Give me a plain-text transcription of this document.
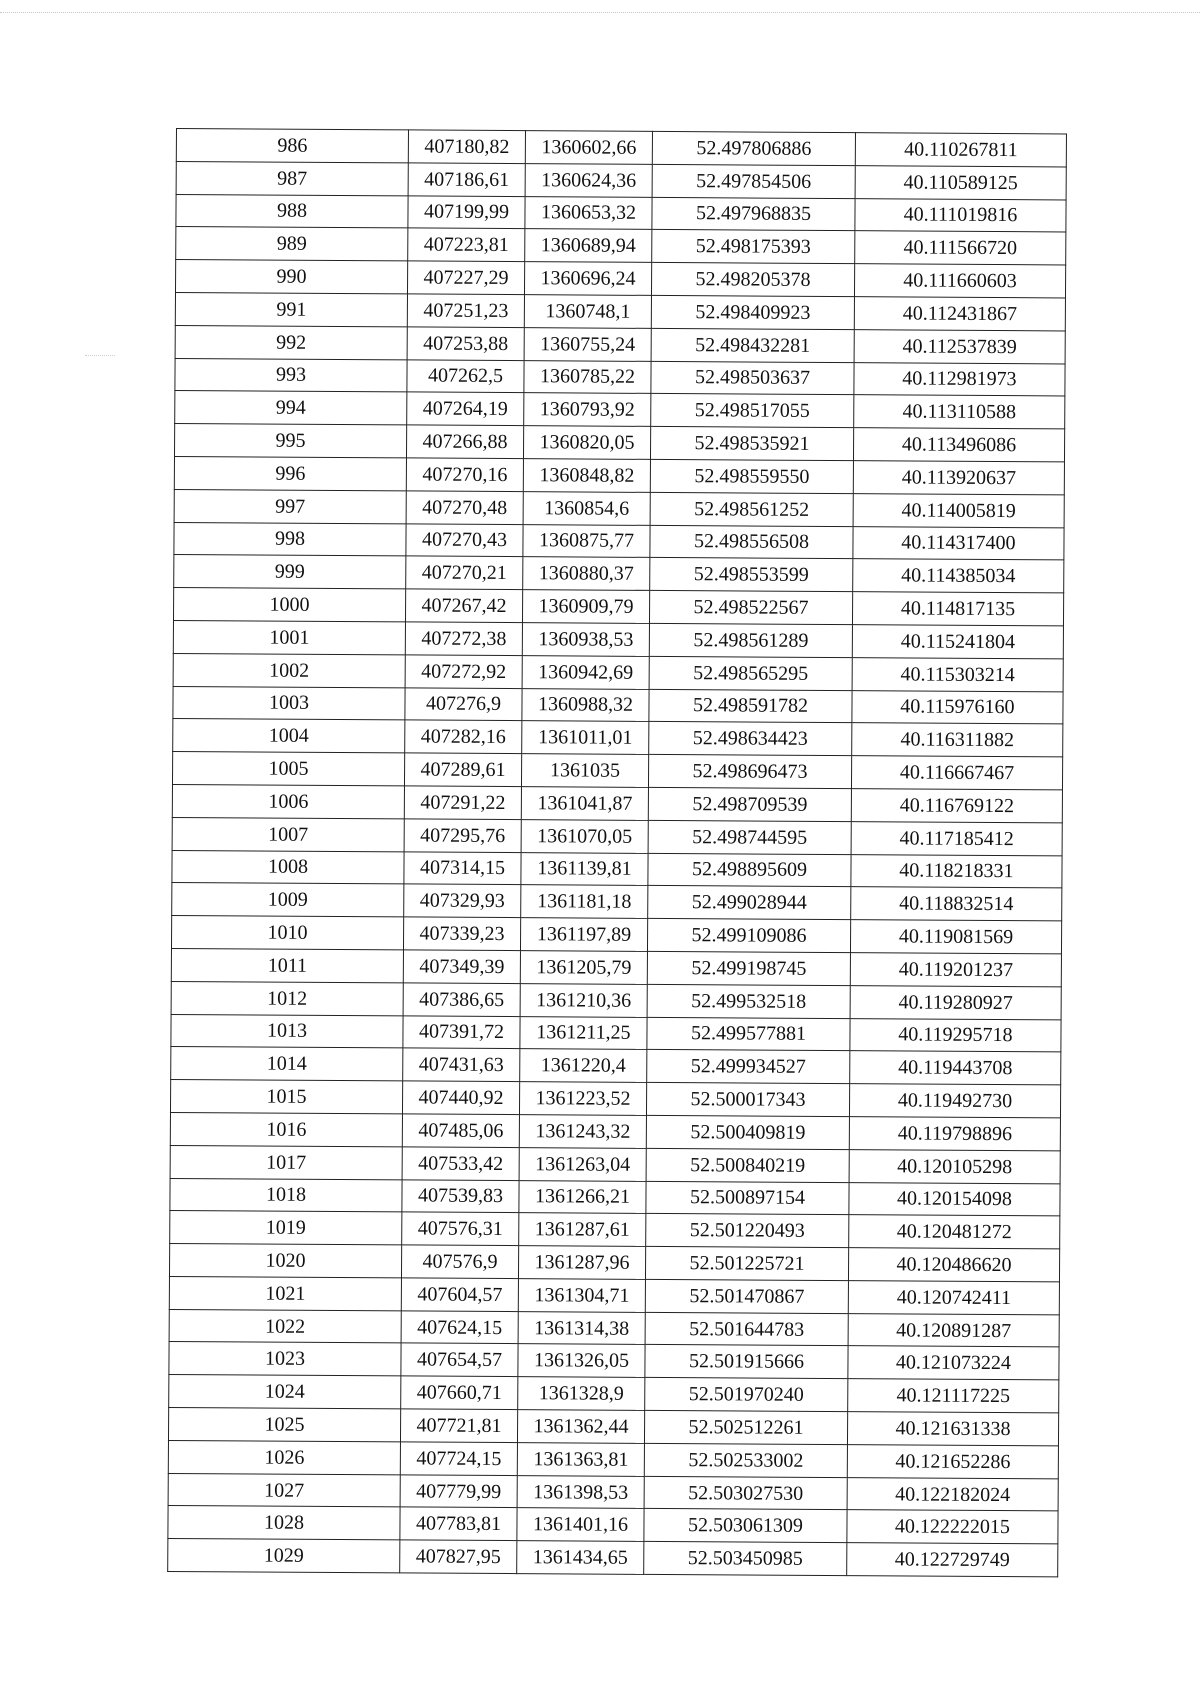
986	407180,82	1360602,66	52.497806886	40.110267811
987	407186,61	1360624,36	52.497854506	40.110589125
988	407199,99	1360653,32	52.497968835	40.111019816
989	407223,81	1360689,94	52.498175393	40.111566720
990	407227,29	1360696,24	52.498205378	40.111660603
991	407251,23	1360748,1	52.498409923	40.112431867
992	407253,88	1360755,24	52.498432281	40.112537839
993	407262,5	1360785,22	52.498503637	40.112981973
994	407264,19	1360793,92	52.498517055	40.113110588
995	407266,88	1360820,05	52.498535921	40.113496086
996	407270,16	1360848,82	52.498559550	40.113920637
997	407270,48	1360854,6	52.498561252	40.114005819
998	407270,43	1360875,77	52.498556508	40.114317400
999	407270,21	1360880,37	52.498553599	40.114385034
1000	407267,42	1360909,79	52.498522567	40.114817135
1001	407272,38	1360938,53	52.498561289	40.115241804
1002	407272,92	1360942,69	52.498565295	40.115303214
1003	407276,9	1360988,32	52.498591782	40.115976160
1004	407282,16	1361011,01	52.498634423	40.116311882
1005	407289,61	1361035	52.498696473	40.116667467
1006	407291,22	1361041,87	52.498709539	40.116769122
1007	407295,76	1361070,05	52.498744595	40.117185412
1008	407314,15	1361139,81	52.498895609	40.118218331
1009	407329,93	1361181,18	52.499028944	40.118832514
1010	407339,23	1361197,89	52.499109086	40.119081569
1011	407349,39	1361205,79	52.499198745	40.119201237
1012	407386,65	1361210,36	52.499532518	40.119280927
1013	407391,72	1361211,25	52.499577881	40.119295718
1014	407431,63	1361220,4	52.499934527	40.119443708
1015	407440,92	1361223,52	52.500017343	40.119492730
1016	407485,06	1361243,32	52.500409819	40.119798896
1017	407533,42	1361263,04	52.500840219	40.120105298
1018	407539,83	1361266,21	52.500897154	40.120154098
1019	407576,31	1361287,61	52.501220493	40.120481272
1020	407576,9	1361287,96	52.501225721	40.120486620
1021	407604,57	1361304,71	52.501470867	40.120742411
1022	407624,15	1361314,38	52.501644783	40.120891287
1023	407654,57	1361326,05	52.501915666	40.121073224
1024	407660,71	1361328,9	52.501970240	40.121117225
1025	407721,81	1361362,44	52.502512261	40.121631338
1026	407724,15	1361363,81	52.502533002	40.121652286
1027	407779,99	1361398,53	52.503027530	40.122182024
1028	407783,81	1361401,16	52.503061309	40.122222015
1029	407827,95	1361434,65	52.503450985	40.122729749
